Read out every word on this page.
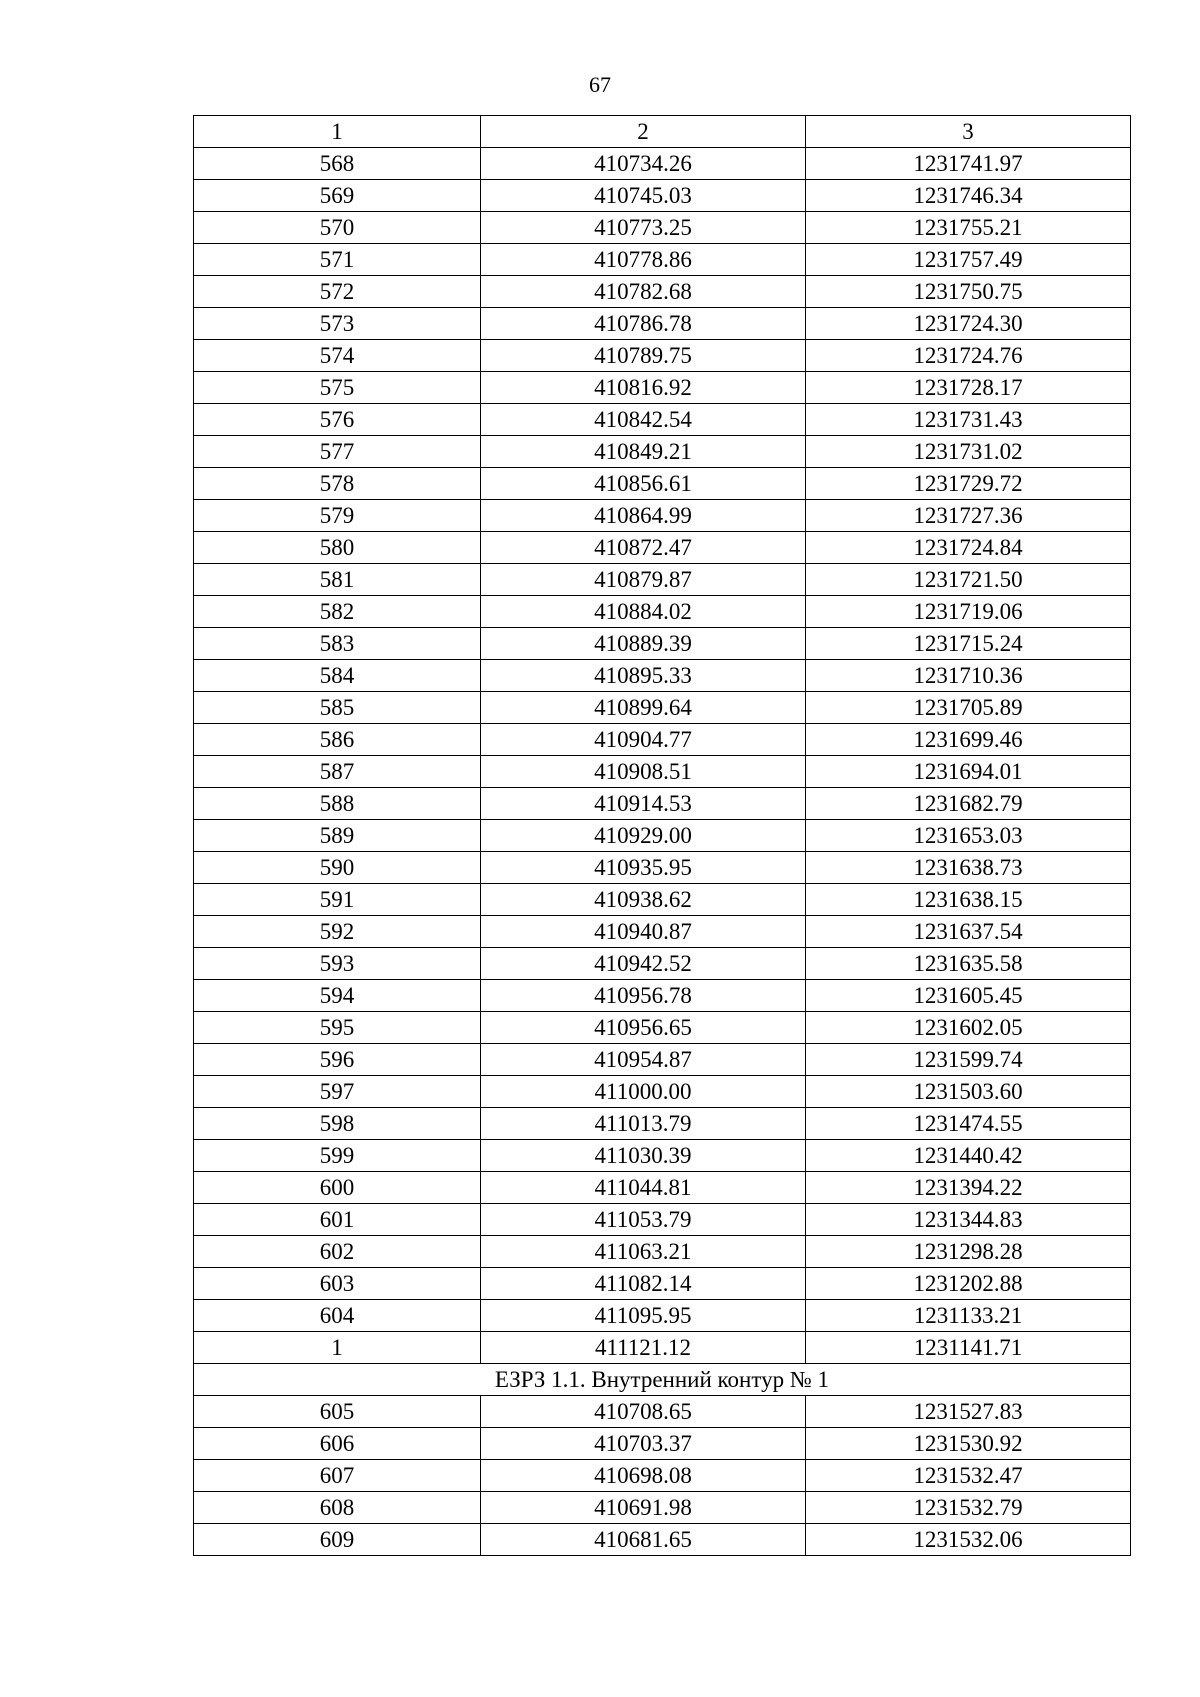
67
1	2	3
568	410734.26	1231741.97
569	410745.03	1231746.34
570	410773.25	1231755.21
571	410778.86	1231757.49
572	410782.68	1231750.75
573	410786.78	1231724.30
574	410789.75	1231724.76
575	410816.92	1231728.17
576	410842.54	1231731.43
577	410849.21	1231731.02
578	410856.61	1231729.72
579	410864.99	1231727.36
580	410872.47	1231724.84
581	410879.87	1231721.50
582	410884.02	1231719.06
583	410889.39	1231715.24
584	410895.33	1231710.36
585	410899.64	1231705.89
586	410904.77	1231699.46
587	410908.51	1231694.01
588	410914.53	1231682.79
589	410929.00	1231653.03
590	410935.95	1231638.73
591	410938.62	1231638.15
592	410940.87	1231637.54
593	410942.52	1231635.58
594	410956.78	1231605.45
595	410956.65	1231602.05
596	410954.87	1231599.74
597	411000.00	1231503.60
598	411013.79	1231474.55
599	411030.39	1231440.42
600	411044.81	1231394.22
601	411053.79	1231344.83
602	411063.21	1231298.28
603	411082.14	1231202.88
604	411095.95	1231133.21
1	411121.12	1231141.71
ЕЗРЗ 1.1. Внутренний контур № 1		
605	410708.65	1231527.83
606	410703.37	1231530.92
607	410698.08	1231532.47
608	410691.98	1231532.79
609	410681.65	1231532.06
